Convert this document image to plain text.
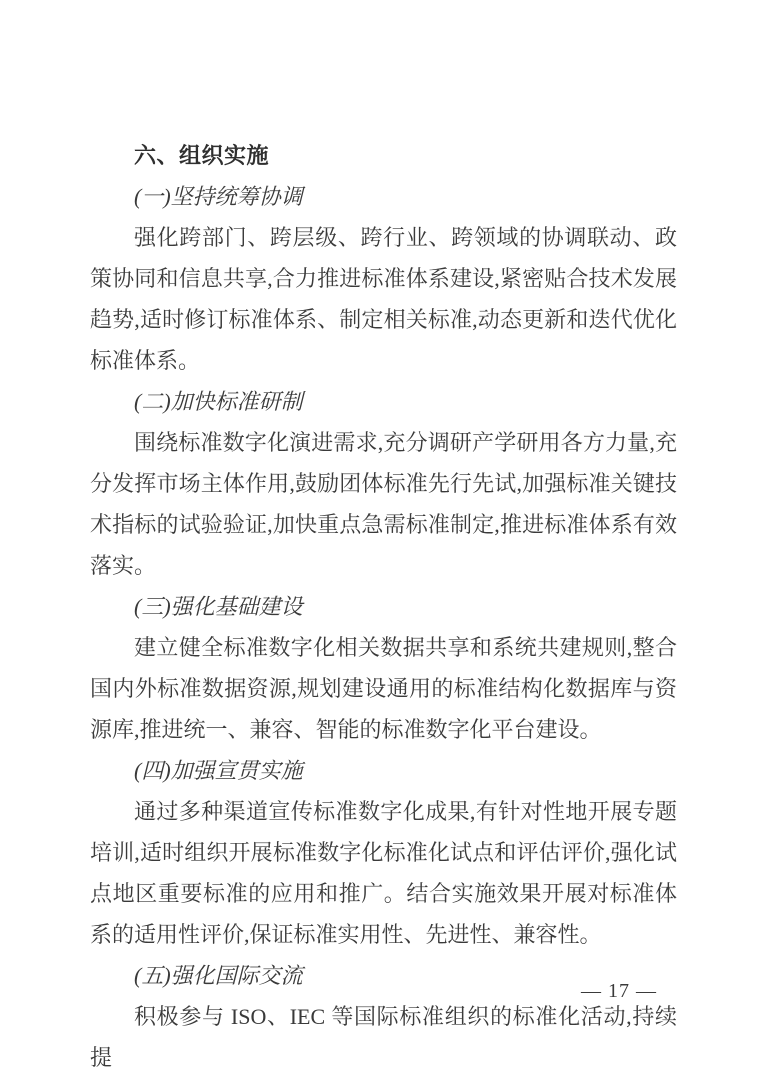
六、组织实施
(一)坚持统筹协调

强化跨部门、跨层级、跨行业、跨领域的协调联动、政策协同和信息共享,合力推进标准体系建设,紧密贴合技术发展趋势,适时修订标准体系、制定相关标准,动态更新和迭代优化标准体系。

(二)加快标准研制

围绕标准数字化演进需求,充分调研产学研用各方力量,充分发挥市场主体作用,鼓励团体标准先行先试,加强标准关键技术指标的试验验证,加快重点急需标准制定,推进标准体系有效落实。

(三)强化基础建设

建立健全标准数字化相关数据共享和系统共建规则,整合国内外标准数据资源,规划建设通用的标准结构化数据库与资源库,推进统一、兼容、智能的标准数字化平台建设。

(四)加强宣贯实施

通过多种渠道宣传标准数字化成果,有针对性地开展专题培训,适时组织开展标准数字化标准化试点和评估评价,强化试点地区重要标准的应用和推广。结合实施效果开展对标准体系的适用性评价,保证标准实用性、先进性、兼容性。

(五)强化国际交流

积极参与 ISO、IEC 等国际标准组织的标准化活动,持续提

— 17 —
